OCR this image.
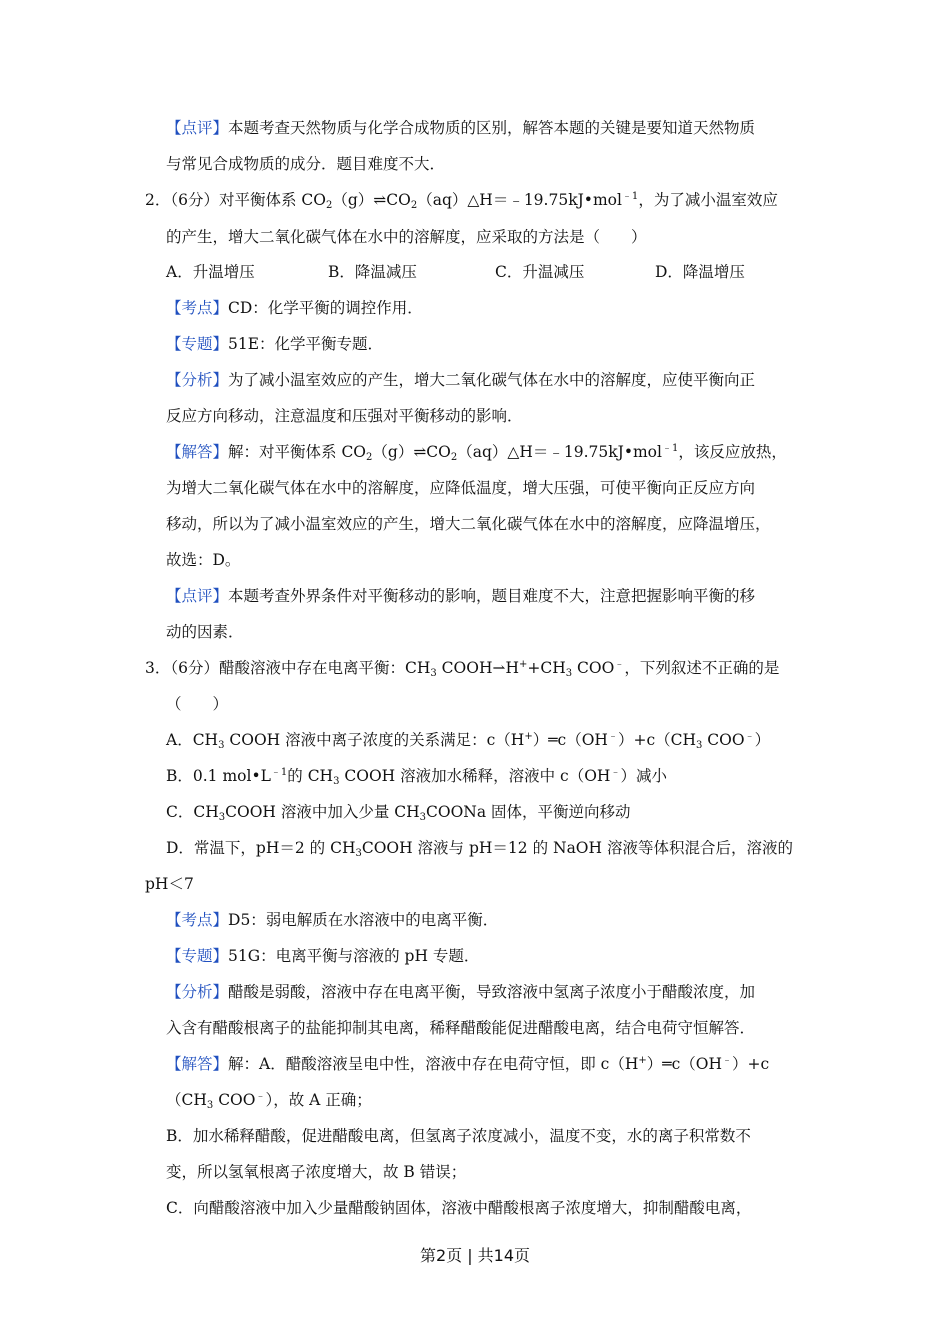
【点评】本题考查天然物质与化学合成物质的区别，解答本题的关键是要知道天然物质
与常见合成物质的成分．题目难度不大．
2．（6分）对平衡体系 $CO_2(g)\rightleftharpoons CO_2(aq)\triangle H=﹣19.75kJ•mol^{﹣1}$，为了减小温室效应
的产生，增大二氧化碳气体在水中的溶解度，应采取的方法是（　　）
A．升温增压	B．降温减压	C．升温减压	D．降温增压
【考点】CD：化学平衡的调控作用．
【专题】51E：化学平衡专题．
【分析】为了减小温室效应的产生，增大二氧化碳气体在水中的溶解度，应使平衡向正
反应方向移动，注意温度和压强对平衡移动的影响．
【解答】解：对平衡体系 $CO_2(g)\rightleftharpoons CO_2(aq)\triangle H=﹣19.75kJ•mol^{﹣1}$，该反应放热，
为增大二氧化碳气体在水中的溶解度，应降低温度，增大压强，可使平衡向正反应方向
移动，所以为了减小温室效应的产生，增大二氧化碳气体在水中的溶解度，应降温增压，
故选：D。
【点评】本题考查外界条件对平衡移动的影响，题目难度不大，注意把握影响平衡的移
动的因素．
3．（6分）醋酸溶液中存在电离平衡：$CH_3$ $COOH⇀H^++CH_3$ COO﹣，下列叙述不正确的是
（　　）
A．$CH_3$ COOH 溶液中离子浓度的关系满足：$c(H^+)═c(OH^﹣)+c(CH_3$ COO﹣）
B．0.1 $mol•L^{﹣1}$的 $CH_3$ COOH 溶液加水稀释，溶液中 c（OH﹣）减小
C．$CH_3COOH$ 溶液中加入少量 $CH_3COONa$ 固体，平衡逆向移动
D．常温下，pH＝2 的 $CH_3COOH$ 溶液与 pH＝12 的 NaOH 溶液等体积混合后，溶液的
pH＜7
【考点】D5：弱电解质在水溶液中的电离平衡．
【专题】51G：电离平衡与溶液的 pH 专题．
【分析】醋酸是弱酸，溶液中存在电离平衡，导致溶液中氢离子浓度小于醋酸浓度，加
入含有醋酸根离子的盐能抑制其电离，稀释醋酸能促进醋酸电离，结合电荷守恒解答．
【解答】解：A．醋酸溶液呈电中性，溶液中存在电荷守恒，即 c（H+）═c（OH﹣）+c
（$CH_3$ COO﹣），故 A 正确；
B．加水稀释醋酸，促进醋酸电离，但氢离子浓度减小，温度不变，水的离子积常数不
变，所以氢氧根离子浓度增大，故 B 错误；
C．向醋酸溶液中加入少量醋酸钠固体，溶液中醋酸根离子浓度增大，抑制醋酸电离，
第2页 | 共14页
